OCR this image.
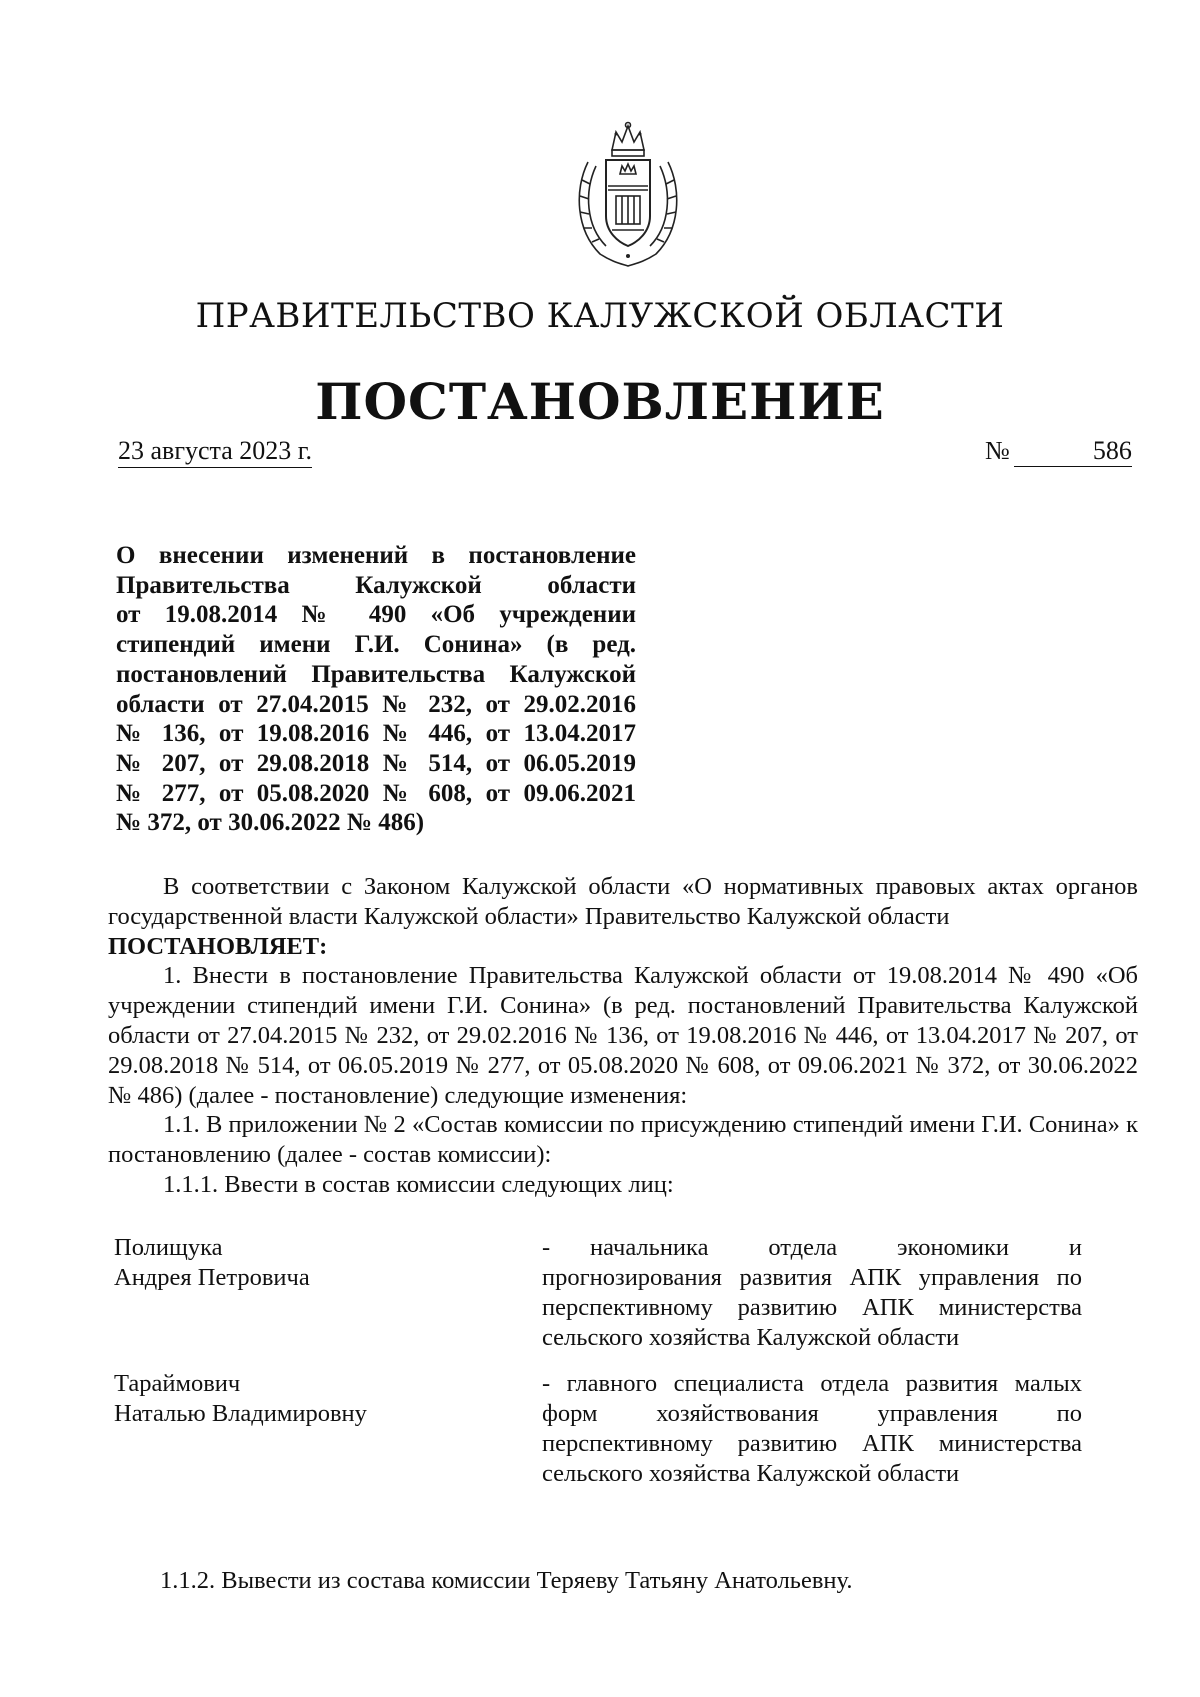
ПРАВИТЕЛЬСТВО КАЛУЖСКОЙ ОБЛАСТИ
ПОСТАНОВЛЕНИЕ
23 августа 2023 г.	№	586
О внесении изменений в постановление
Правительства Калужской области
от 19.08.2014 № 490 «Об учреждении
стипендий имени Г.И. Сонина» (в ред.
постановлений Правительства Калужской
области от 27.04.2015 № 232, от 29.02.2016
№ 136, от 19.08.2016 № 446, от 13.04.2017
№ 207, от 29.08.2018 № 514, от 06.05.2019
№ 277, от 05.08.2020 № 608, от 09.06.2021
№ 372, от 30.06.2022 № 486)

В соответствии с Законом Калужской области «О нормативных правовых актах органов государственной власти Калужской области» Правительство Калужской области

ПОСТАНОВЛЯЕТ:

1. Внести в постановление Правительства Калужской области от 19.08.2014 № 490 «Об учреждении стипендий имени Г.И. Сонина» (в ред. постановлений Правительства Калужской области от 27.04.2015 № 232, от 29.02.2016 № 136, от 19.08.2016 № 446, от 13.04.2017 № 207, от 29.08.2018 № 514, от 06.05.2019 № 277, от 05.08.2020 № 608, от 09.06.2021 № 372, от 30.06.2022 № 486) (далее - постановление) следующие изменения:

1.1. В приложении № 2 «Состав комиссии по присуждению стипендий имени Г.И. Сонина» к постановлению (далее - состав комиссии):

1.1.1. Ввести в состав комиссии следующих лиц:

Полищука
Андрея Петровича
- начальника отдела экономики и прогнозирования развития АПК управления по перспективному развитию АПК министерства сельского хозяйства Калужской области
Тараймович
Наталью Владимировну
- главного специалиста отдела развития малых форм хозяйствования управления по перспективному развитию АПК министерства сельского хозяйства Калужской области
1.1.2. Вывести из состава комиссии Теряеву Татьяну Анатольевну.
